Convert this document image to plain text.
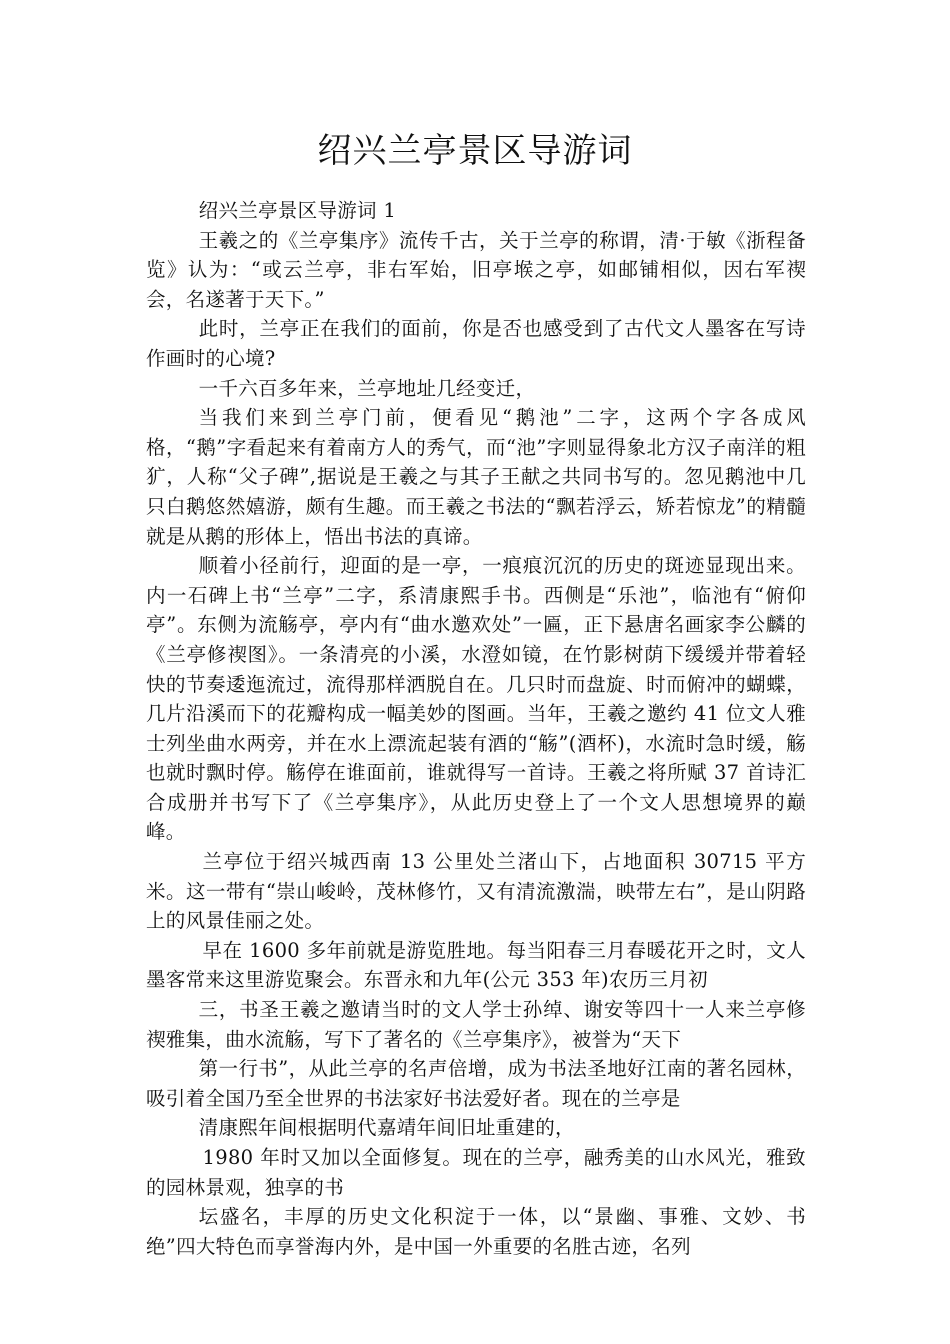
绍兴兰亭景区导游词

绍兴兰亭景区导游词 1

王羲之的《兰亭集序》流传千古，关于兰亭的称谓，清·于敏《浙程备览》认为：“或云兰亭，非右军始，旧亭堠之亭，如邮铺相似，因右军禊会，名遂著于天下。”

此时，兰亭正在我们的面前，你是否也感受到了古代文人墨客在写诗作画时的心境?

一千六百多年来，兰亭地址几经变迁，

当我们来到兰亭门前，便看见“鹅池”二字，这两个字各成风格，“鹅”字看起来有着南方人的秀气，而“池”字则显得象北方汉子南洋的粗犷，人称“父子碑”,据说是王羲之与其子王献之共同书写的。忽见鹅池中几只白鹅悠然嬉游，颇有生趣。而王羲之书法的“飘若浮云，矫若惊龙”的精髓就是从鹅的形体上，悟出书法的真谛。

顺着小径前行，迎面的是一亭，一痕痕沉沉的历史的斑迹显现出来。内一石碑上书“兰亭”二字，系清康熙手书。西侧是“乐池”，临池有“俯仰亭”。东侧为流觞亭，亭内有“曲水邀欢处”一匾，正下悬唐名画家李公麟的《兰亭修禊图》。一条清亮的小溪，水澄如镜，在竹影树荫下缓缓并带着轻快的节奏逶迤流过，流得那样洒脱自在。几只时而盘旋、时而俯冲的蝴蝶，几片沿溪而下的花瓣构成一幅美妙的图画。当年，王羲之邀约 41 位文人雅士列坐曲水两旁，并在水上漂流起装有酒的“觞”(酒杯)，水流时急时缓，觞也就时飘时停。觞停在谁面前，谁就得写一首诗。王羲之将所赋 37 首诗汇合成册并书写下了《兰亭集序》，从此历史登上了一个文人思想境界的巅峰。

兰亭位于绍兴城西南 13 公里处兰渚山下，占地面积 30715 平方米。这一带有“崇山峻岭，茂林修竹，又有清流激湍，映带左右”，是山阴路上的风景佳丽之处。

早在 1600 多年前就是游览胜地。每当阳春三月春暖花开之时，文人墨客常来这里游览聚会。东晋永和九年(公元 353 年)农历三月初

三，书圣王羲之邀请当时的文人学士孙绰、谢安等四十一人来兰亭修禊雅集，曲水流觞，写下了著名的《兰亭集序》，被誉为“天下

第一行书”，从此兰亭的名声倍增，成为书法圣地好江南的著名园林，吸引着全国乃至全世界的书法家好书法爱好者。现在的兰亭是

清康熙年间根据明代嘉靖年间旧址重建的，

1980 年时又加以全面修复。现在的兰亭，融秀美的山水风光，雅致的园林景观，独享的书

坛盛名，丰厚的历史文化积淀于一体，以“景幽、事雅、文妙、书绝”四大特色而享誉海内外，是中国一外重要的名胜古迹，名列
